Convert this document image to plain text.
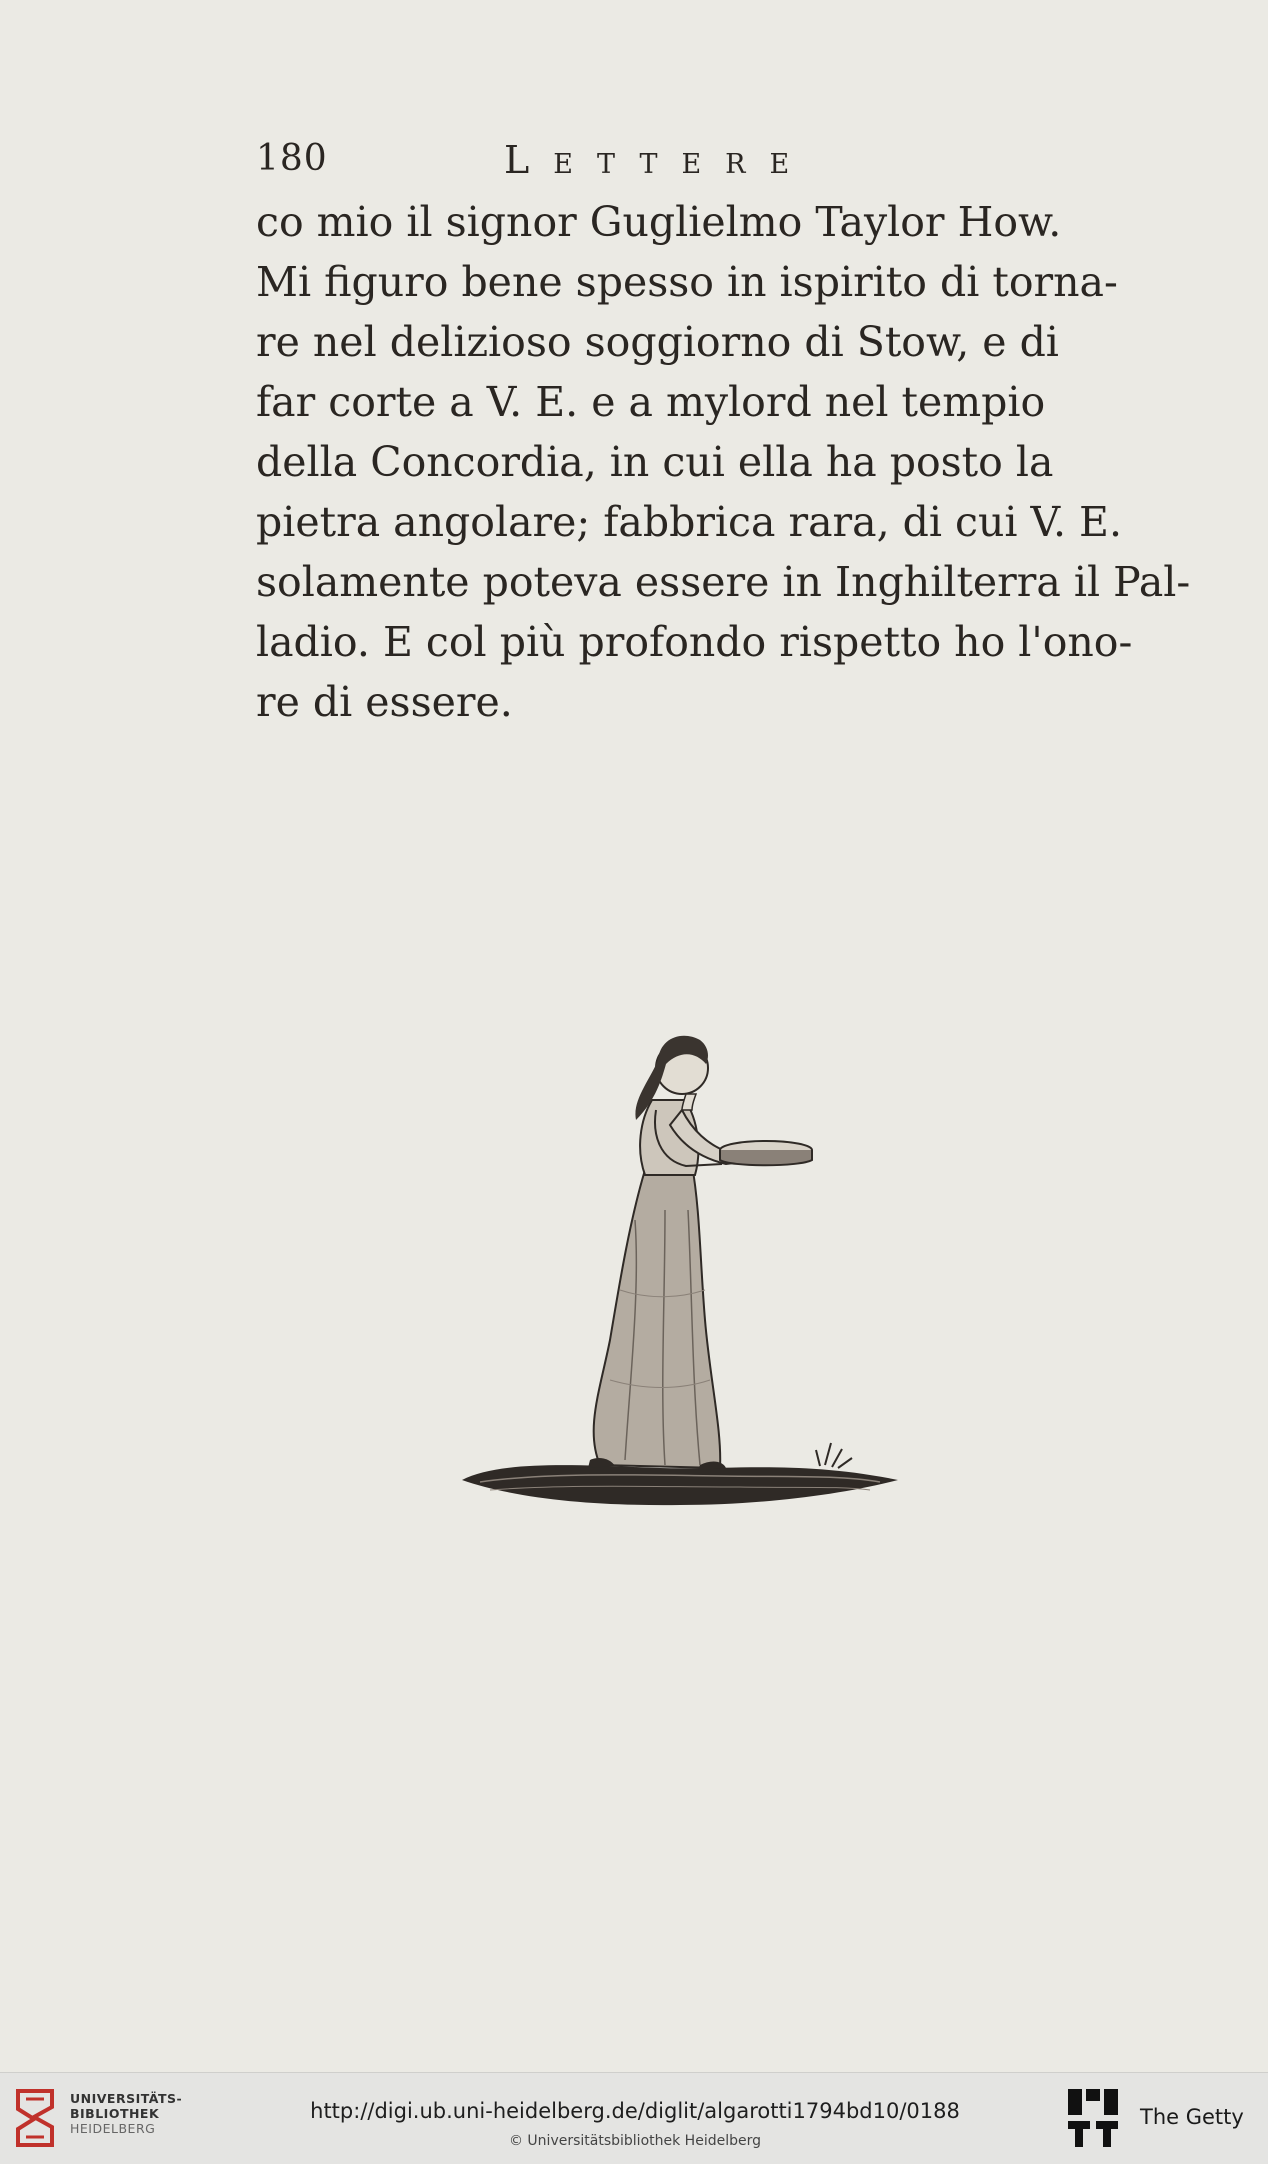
180	Lettere
co mio il signor Guglielmo Taylor How.
Mi figuro bene spesso in ispirito di torna-
re nel delizioso soggiorno di Stow, e di
far corte a V. E. e a mylord nel tempio
della Concordia, in cui ella ha posto la
pietra angolare; fabbrica rara, di cui V. E.
solamente poteva essere in Inghilterra il Pal-
ladio. E col più profondo rispetto ho l'ono-
re di essere.
UNIVERSITÄTS-
BIBLIOTHEK
HEIDELBERG
http://digi.ub.uni-heidelberg.de/diglit/algarotti1794bd10/0188
© Universitätsbibliothek Heidelberg
The Getty
